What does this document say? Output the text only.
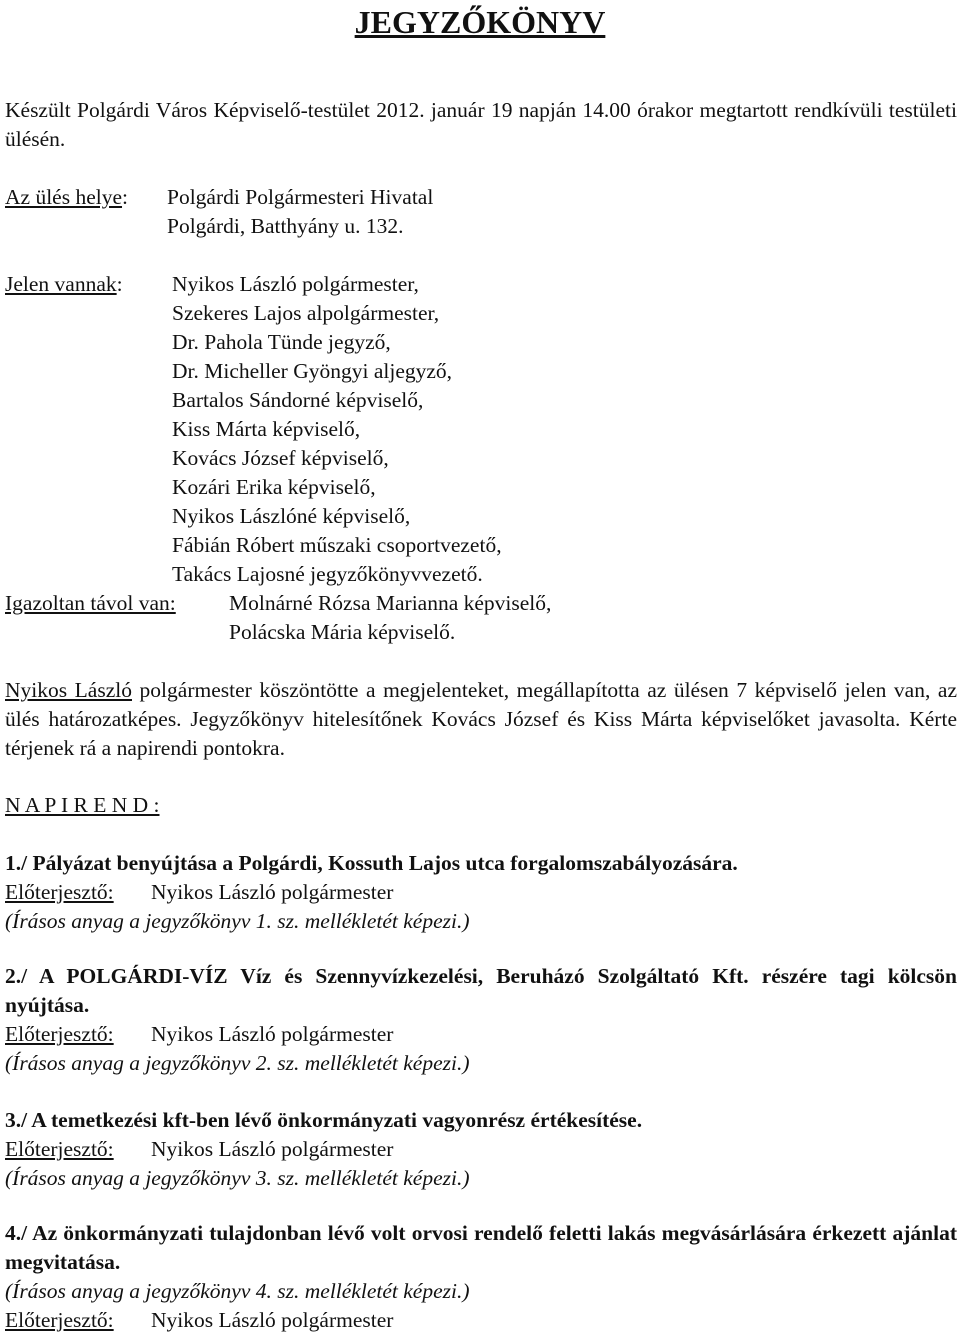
JEGYZŐKÖNYV
Készült Polgárdi Város Képviselő-testület 2012. január 19 napján 14.00 órakor megtartott rendkívüli testületi ülésén.
Az ülés helye: Polgárdi Polgármesteri Hivatal
Polgárdi, Batthyány u. 132.
Jelen vannak: Nyikos László polgármester,
Szekeres Lajos alpolgármester,
Dr. Pahola Tünde jegyző,
Dr. Micheller Gyöngyi aljegyző,
Bartalos Sándorné képviselő,
Kiss Márta képviselő,
Kovács József képviselő,
Kozári Erika képviselő,
Nyikos Lászlóné képviselő,
Fábián Róbert műszaki csoportvezető,
Takács Lajosné jegyzőkönyvvezető.
Igazoltan távol van: Molnárné Rózsa Marianna képviselő,
Polácska Mária képviselő.
Nyikos László polgármester köszöntötte a megjelenteket, megállapította az ülésen 7 képviselő jelen van, az ülés határozatképes. Jegyzőkönyv hitelesítőnek Kovács József és Kiss Márta képviselőket javasolta. Kérte térjenek rá a napirendi pontokra.
N A P I R E N D :
1./ Pályázat benyújtása a Polgárdi, Kossuth Lajos utca forgalomszabályozására.
Előterjesztő: Nyikos László polgármester
(Írásos anyag a jegyzőkönyv 1. sz. mellékletét képezi.)
2./ A POLGÁRDI-VÍZ Víz és Szennyvízkezelési, Beruházó Szolgáltató Kft. részére tagi kölcsön nyújtása.
Előterjesztő: Nyikos László polgármester
(Írásos anyag a jegyzőkönyv 2. sz. mellékletét képezi.)
3./ A temetkezési kft-ben lévő önkormányzati vagyonrész értékesítése.
Előterjesztő: Nyikos László polgármester
(Írásos anyag a jegyzőkönyv 3. sz. mellékletét képezi.)
4./ Az önkormányzati tulajdonban lévő volt orvosi rendelő feletti lakás megvásárlására érkezett ajánlat megvitatása.
(Írásos anyag a jegyzőkönyv 4. sz. mellékletét képezi.)
Előterjesztő: Nyikos László polgármester
